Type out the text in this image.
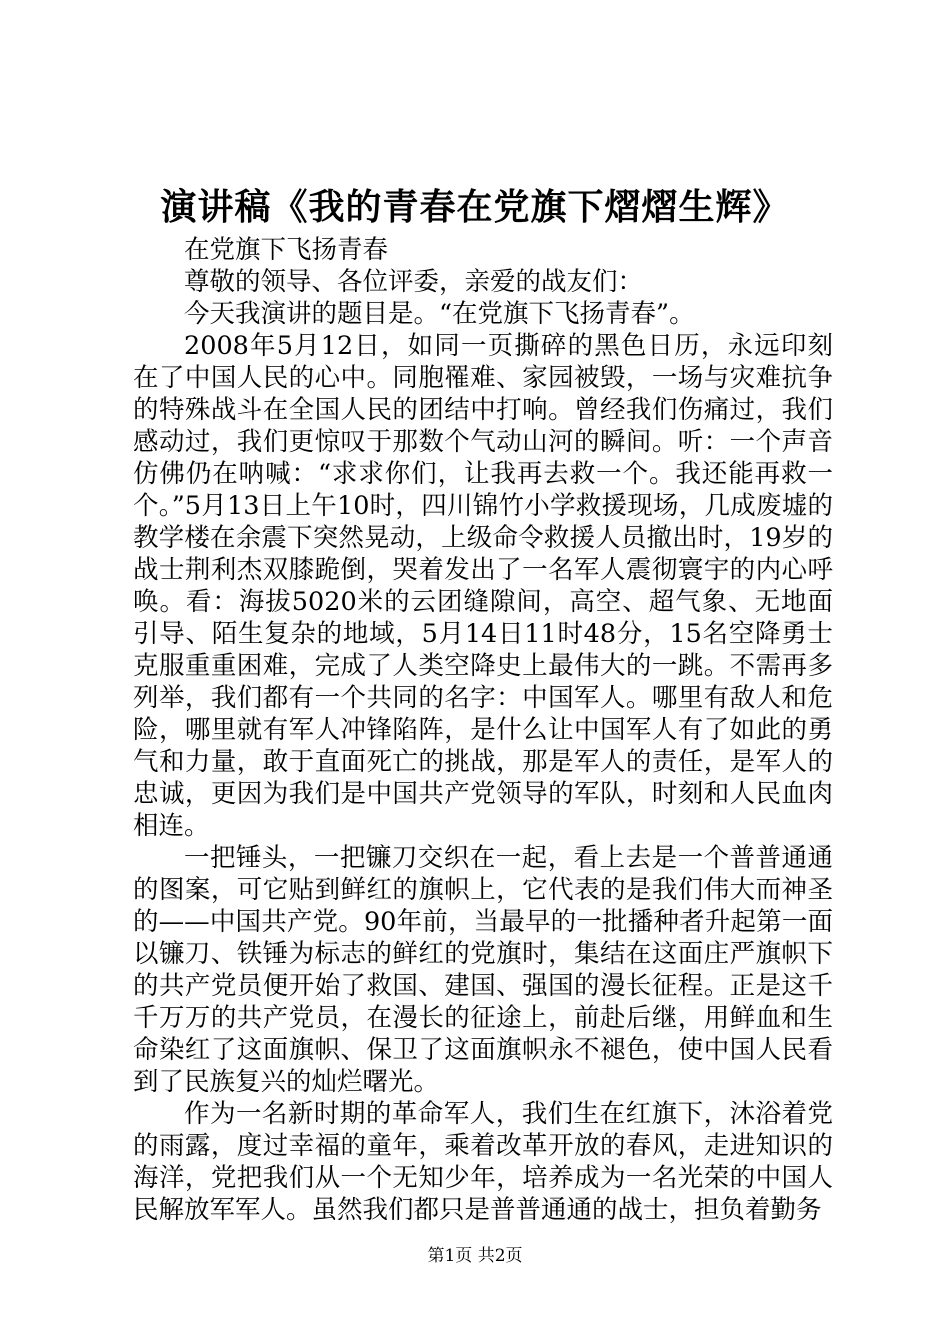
演讲稿《我的青春在党旗下熠熠生辉》

在党旗下飞扬青春

尊敬的领导、各位评委，亲爱的战友们：

今天我演讲的题目是。“在党旗下飞扬青春”。

2008年5月12日，如同一页撕碎的黑色日历，永远印刻在了中国人民的心中。同胞罹难、家园被毁，一场与灾难抗争的特殊战斗在全国人民的团结中打响。曾经我们伤痛过，我们感动过，我们更惊叹于那数个气动山河的瞬间。听：一个声音仿佛仍在呐喊：“求求你们，让我再去救一个。我还能再救一个。”5月13日上午10时，四川锦竹小学救援现场，几成废墟的教学楼在余震下突然晃动，上级命令救援人员撤出时，19岁的战士荆利杰双膝跪倒，哭着发出了一名军人震彻寰宇的内心呼唤。看：海拔5020米的云团缝隙间，高空、超气象、无地面引导、陌生复杂的地域，5月14日11时48分，15名空降勇士克服重重困难，完成了人类空降史上最伟大的一跳。不需再多列举，我们都有一个共同的名字：中国军人。哪里有敌人和危险，哪里就有军人冲锋陷阵，是什么让中国军人有了如此的勇气和力量，敢于直面死亡的挑战，那是军人的责任，是军人的忠诚，更因为我们是中国共产党领导的军队，时刻和人民血肉相连。

一把锤头，一把镰刀交织在一起，看上去是一个普普通通的图案，可它贴到鲜红的旗帜上，它代表的是我们伟大而神圣的——中国共产党。90年前，当最早的一批播种者升起第一面以镰刀、铁锤为标志的鲜红的党旗时，集结在这面庄严旗帜下的共产党员便开始了救国、建国、强国的漫长征程。正是这千千万万的共产党员，在漫长的征途上，前赴后继，用鲜血和生命染红了这面旗帜、保卫了这面旗帜永不褪色，使中国人民看到了民族复兴的灿烂曙光。

作为一名新时期的革命军人，我们生在红旗下，沐浴着党的雨露，度过幸福的童年，乘着改革开放的春风，走进知识的海洋，党把我们从一个无知少年，培养成为一名光荣的中国人民解放军军人。虽然我们都只是普普通通的战士，担负着勤务

第1页 共2页
